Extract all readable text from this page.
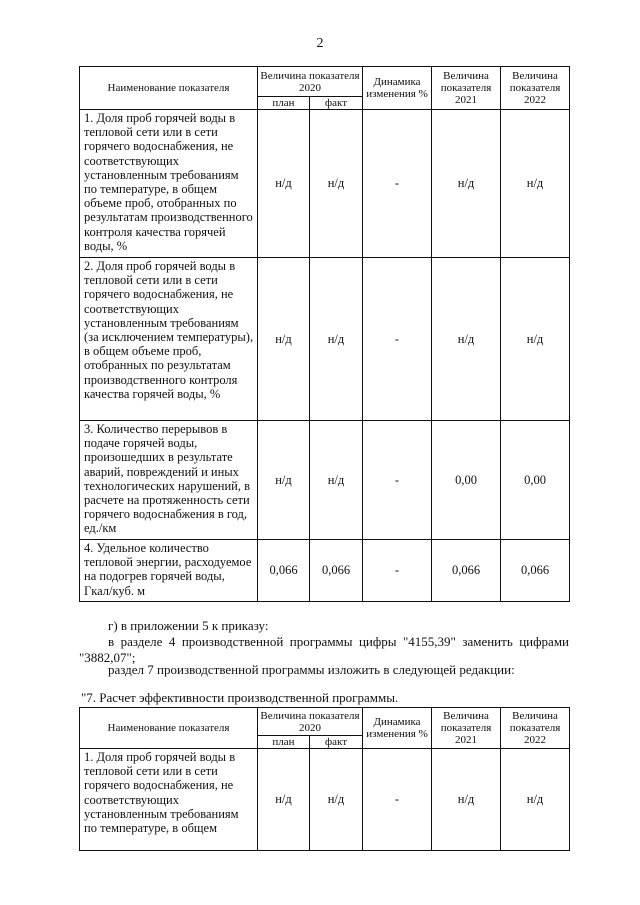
2
Наименование показателя	Величина показателя 2020		Динамика изменения %	Величина показателя 2021	Величина показателя 2022
	план	факт			
1. Доля проб горячей воды в тепловой сети или в сети горячего водоснабжения, не соответствующих установленным требованиям по температуре, в общем объеме проб, отобранных по результатам производственного контроля качества горячей воды, %	н/д	н/д	-	н/д	н/д
2. Доля проб горячей воды в тепловой сети или в сети горячего водоснабжения, не соответствующих установленным требованиям (за исключением температуры), в общем объеме проб, отобранных по результатам производственного контроля качества горячей воды, %	н/д	н/д	-	н/д	н/д
3. Количество перерывов в подаче горячей воды, произошедших в результате аварий, повреждений и иных технологических нарушений, в расчете на протяженность сети горячего водоснабжения в год, ед./км	н/д	н/д	-	0,00	0,00
4. Удельное количество тепловой энергии, расходуемое на подогрев горячей воды, Гкал/куб. м	0,066	0,066	-	0,066	0,066

г) в приложении 5 к приказу:

в разделе 4 производственной программы цифры "4155,39" заменить цифрами "3882,07";

раздел 7 производственной программы изложить в следующей редакции:

"7. Расчет эффективности производственной программы.

Наименование показателя	Величина показателя 2020		Динамика изменения %	Величина показателя 2021	Величина показателя 2022
	план	факт			
1. Доля проб горячей воды в тепловой сети или в сети горячего водоснабжения, не соответствующих установленным требованиям по температуре, в общем	н/д	н/д	-	н/д	н/д
